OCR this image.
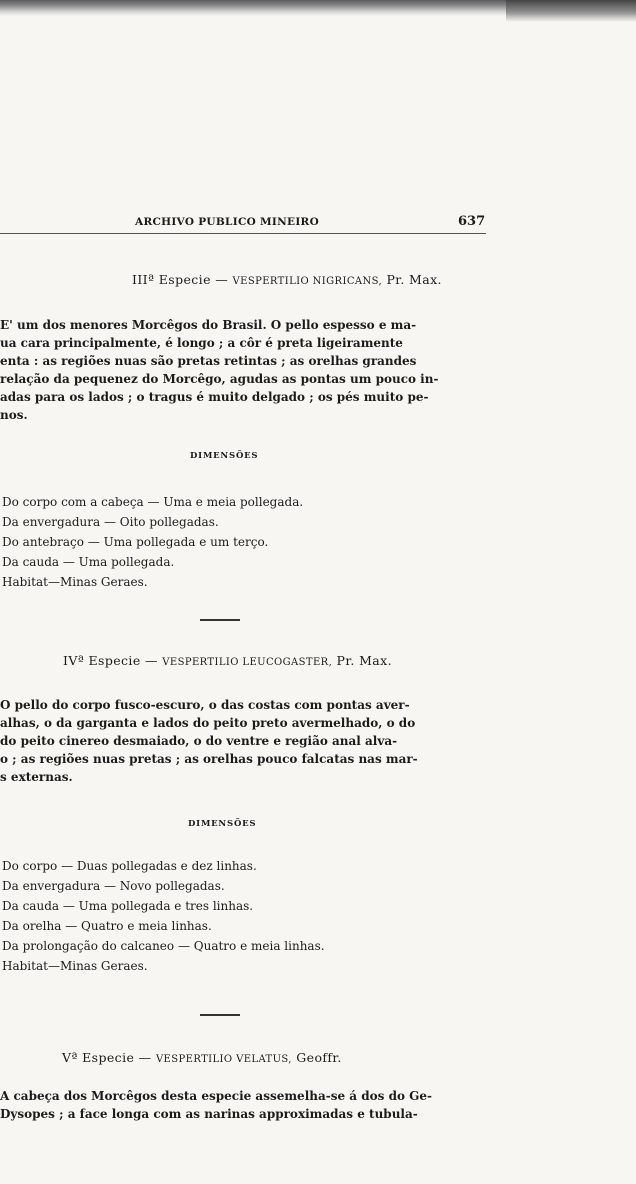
ARCHIVO PUBLICO MINEIRO	637
IIIª Especie — VESPERTILIO NIGRICANS, Pr. Max.
E' um dos menores Morcêgos do Brasil. O pello espesso e ma-
ua cara principalmente, é longo ; a côr é preta ligeiramente
enta : as regiões nuas são pretas retintas ; as orelhas grandes
relação da pequenez do Morcêgo, agudas as pontas um pouco in-
adas para os lados ; o tragus é muito delgado ; os pés muito pe-
nos.
DIMENSÕES
Do corpo com a cabeça — Uma e meia pollegada.
Da envergadura — Oito pollegadas.
Do antebraço — Uma pollegada e um terço.
Da cauda — Uma pollegada.
Habitat—Minas Geraes.
IVª Especie — VESPERTILIO LEUCOGASTER, Pr. Max.
O pello do corpo fusco-escuro, o das costas com pontas aver-
alhas, o da garganta e lados do peito preto avermelhado, o do
do peito cinereo desmaiado, o do ventre e região anal alva-
o ; as regiões nuas pretas ; as orelhas pouco falcatas nas mar-
s externas.
DIMENSÕES
Do corpo — Duas pollegadas e dez linhas.
Da envergadura — Novo pollegadas.
Da cauda — Uma pollegada e tres linhas.
Da orelha — Quatro e meia linhas.
Da prolongação do calcaneo — Quatro e meia linhas.
Habitat—Minas Geraes.
Vª Especie — VESPERTILIO VELATUS, Geoffr.
A cabeça dos Morcêgos desta especie assemelha-se á dos do Ge-
Dysopes ; a face longa com as narinas approximadas e tubula-
